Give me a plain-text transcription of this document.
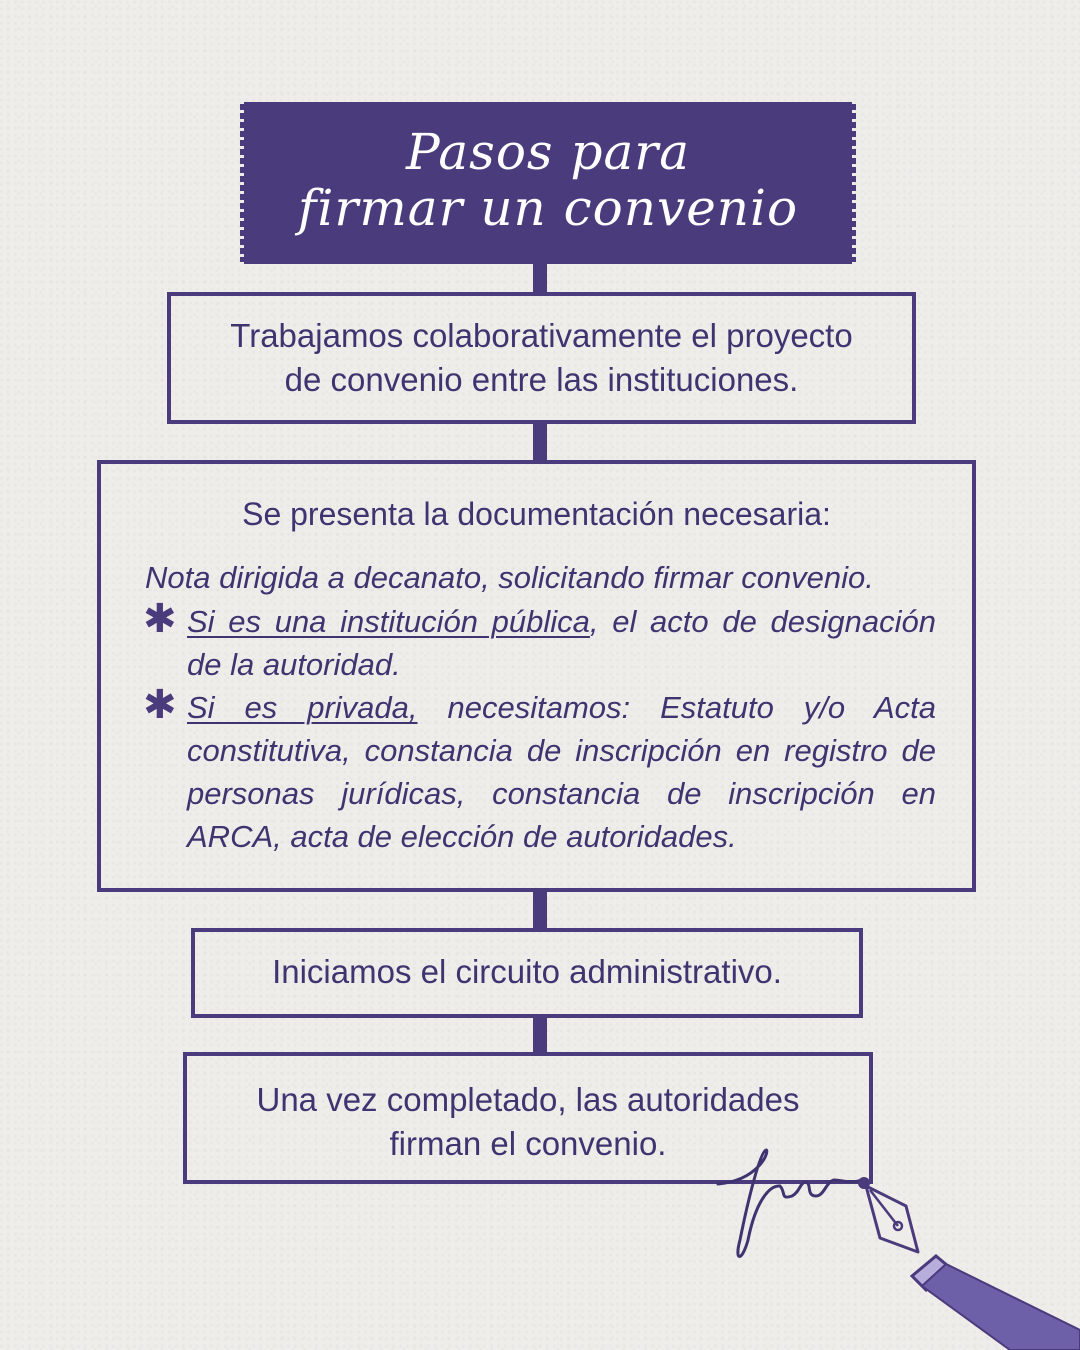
Pasos para
firmar un convenio
Trabajamos colaborativamente el proyecto
de convenio entre las instituciones.
Se presenta la documentación necesaria:
Nota dirigida a decanato, solicitando firmar convenio.
✱ Si es una institución pública, el acto de designación de la autoridad.
✱ Si es privada, necesitamos: Estatuto y/o Acta constitutiva, constancia de inscripción en registro de personas jurídicas, constancia de inscripción en ARCA, acta de elección de autoridades.
Iniciamos el circuito administrativo.
Una vez completado, las autoridades
firman el convenio.
